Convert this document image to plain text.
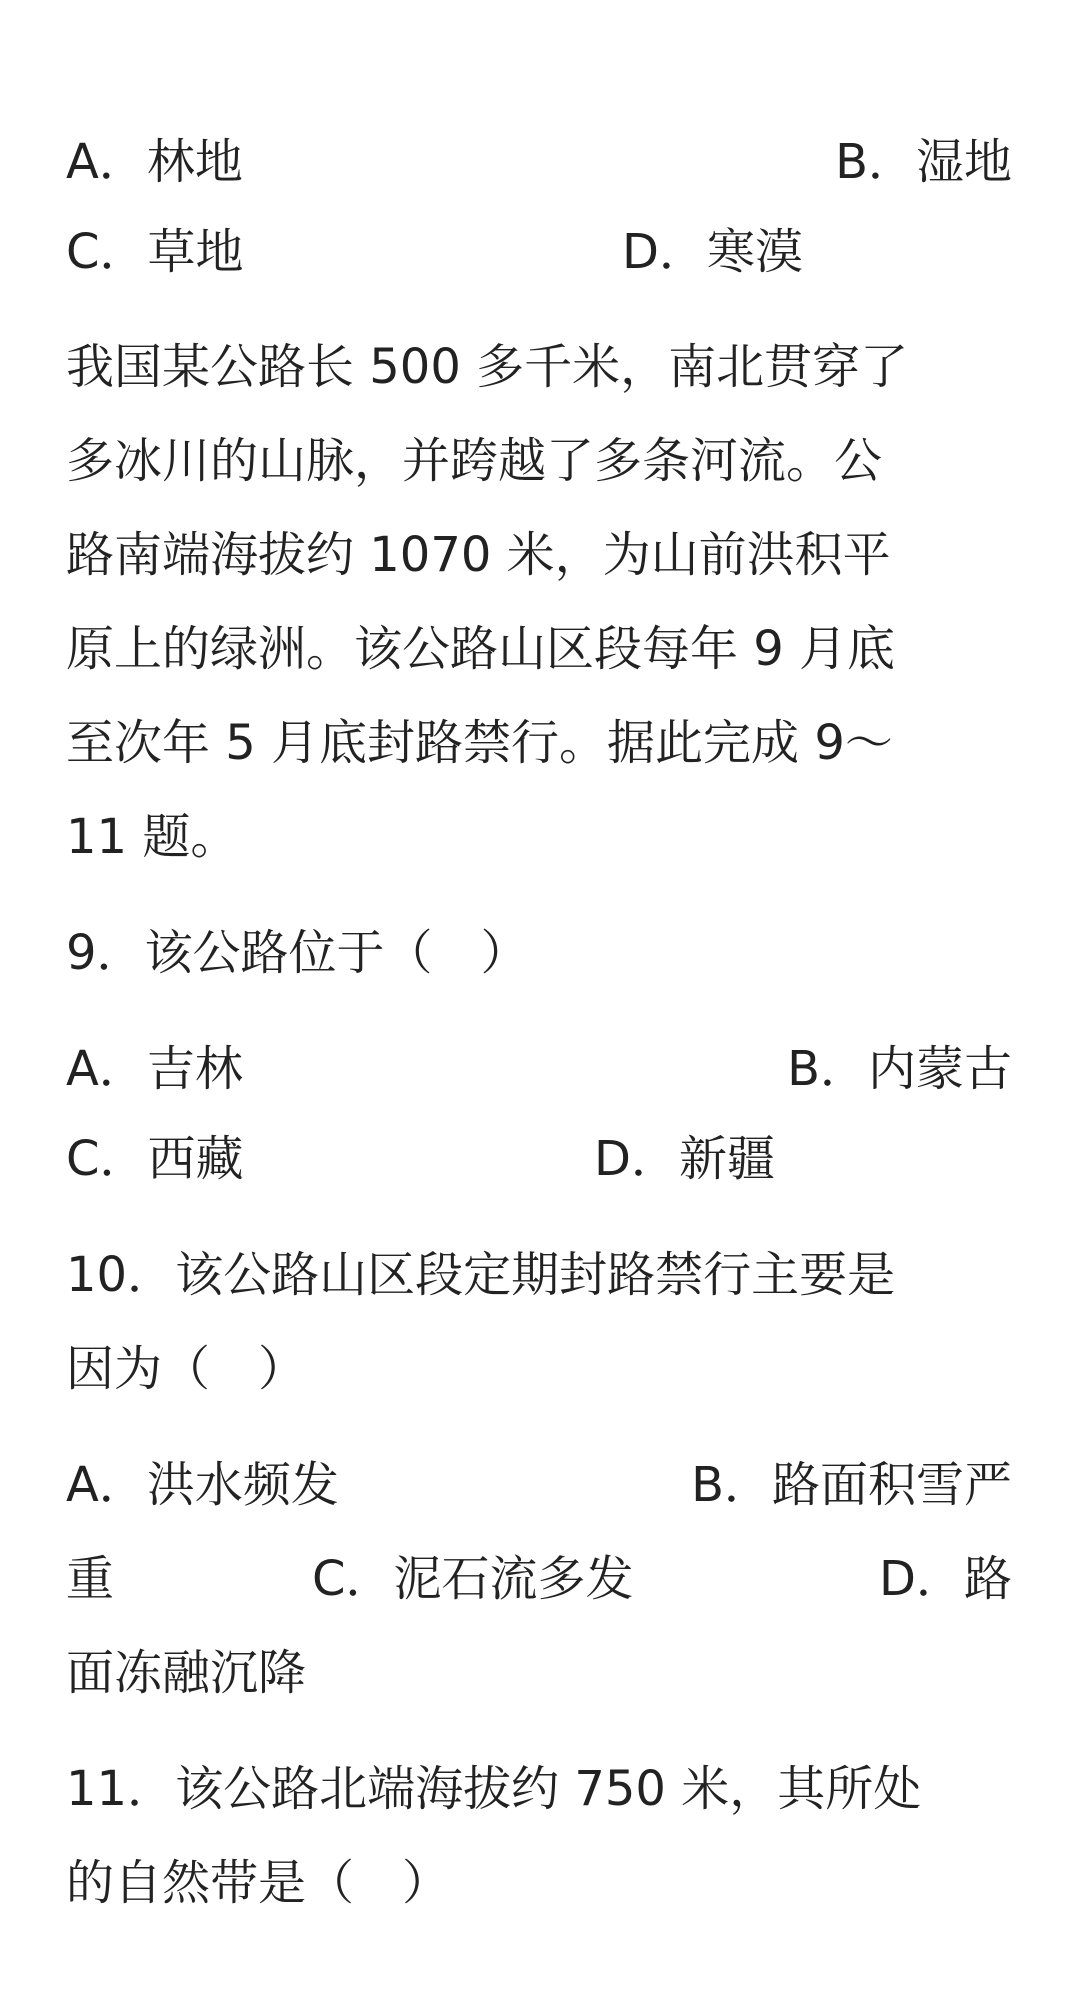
A．林地	B．湿地
C．草地	D．寒漠
我国某公路长 500 多千米，南北贯穿了
多冰川的山脉，并跨越了多条河流。公
路南端海拔约 1070 米，为山前洪积平
原上的绿洲。该公路山区段每年 9 月底
至次年 5 月底封路禁行。据此完成 9～
11 题。
9．该公路位于（　）
A．吉林	B．内蒙古
C．西藏	D．新疆
10．该公路山区段定期封路禁行主要是
因为（　）
A．洪水频发	B．路面积雪严
重	C．泥石流多发	D．路
面冻融沉降
11．该公路北端海拔约 750 米，其所处
的自然带是（　）
